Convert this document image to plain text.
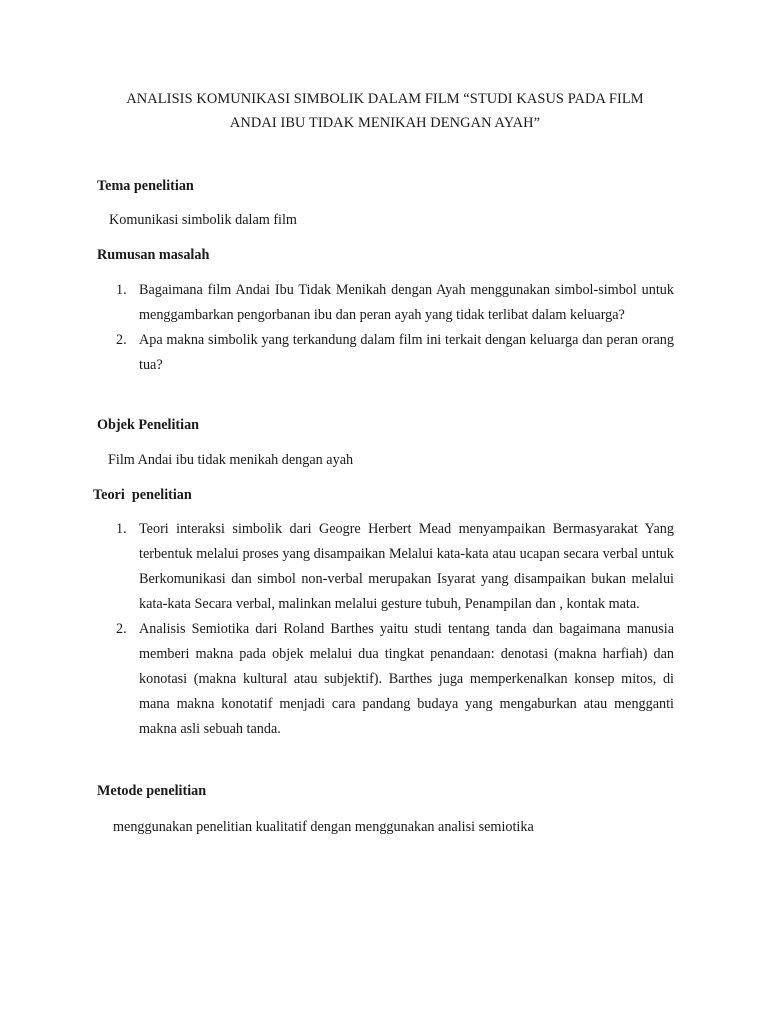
ANALISIS KOMUNIKASI SIMBOLIK DALAM FILM “STUDI KASUS PADA FILM
ANDAI IBU TIDAK MENIKAH DENGAN AYAH”
Tema penelitian
Komunikasi simbolik dalam film
Rumusan masalah
1. Bagaimana film Andai Ibu Tidak Menikah dengan Ayah menggunakan simbol-simbol untuk menggambarkan pengorbanan ibu dan peran ayah yang tidak terlibat dalam keluarga?
2. Apa makna simbolik yang terkandung dalam film ini terkait dengan keluarga dan peran orang tua?
Objek Penelitian
Film Andai ibu tidak menikah dengan ayah
Teori  penelitian
1. Teori interaksi simbolik dari Geogre Herbert Mead menyampaikan Bermasyarakat Yang terbentuk melalui proses yang disampaikan Melalui kata-kata atau ucapan secara verbal untuk Berkomunikasi dan simbol non-verbal merupakan Isyarat yang disampaikan bukan melalui kata-kata Secara verbal, malinkan melalui gesture tubuh, Penampilan dan , kontak mata.
2. Analisis Semiotika dari Roland Barthes yaitu studi tentang tanda dan bagaimana manusia memberi makna pada objek melalui dua tingkat penandaan: denotasi (makna harfiah) dan konotasi (makna kultural atau subjektif). Barthes juga memperkenalkan konsep mitos, di mana makna konotatif menjadi cara pandang budaya yang mengaburkan atau mengganti makna asli sebuah tanda.
Metode penelitian
menggunakan penelitian kualitatif dengan menggunakan analisi semiotika
